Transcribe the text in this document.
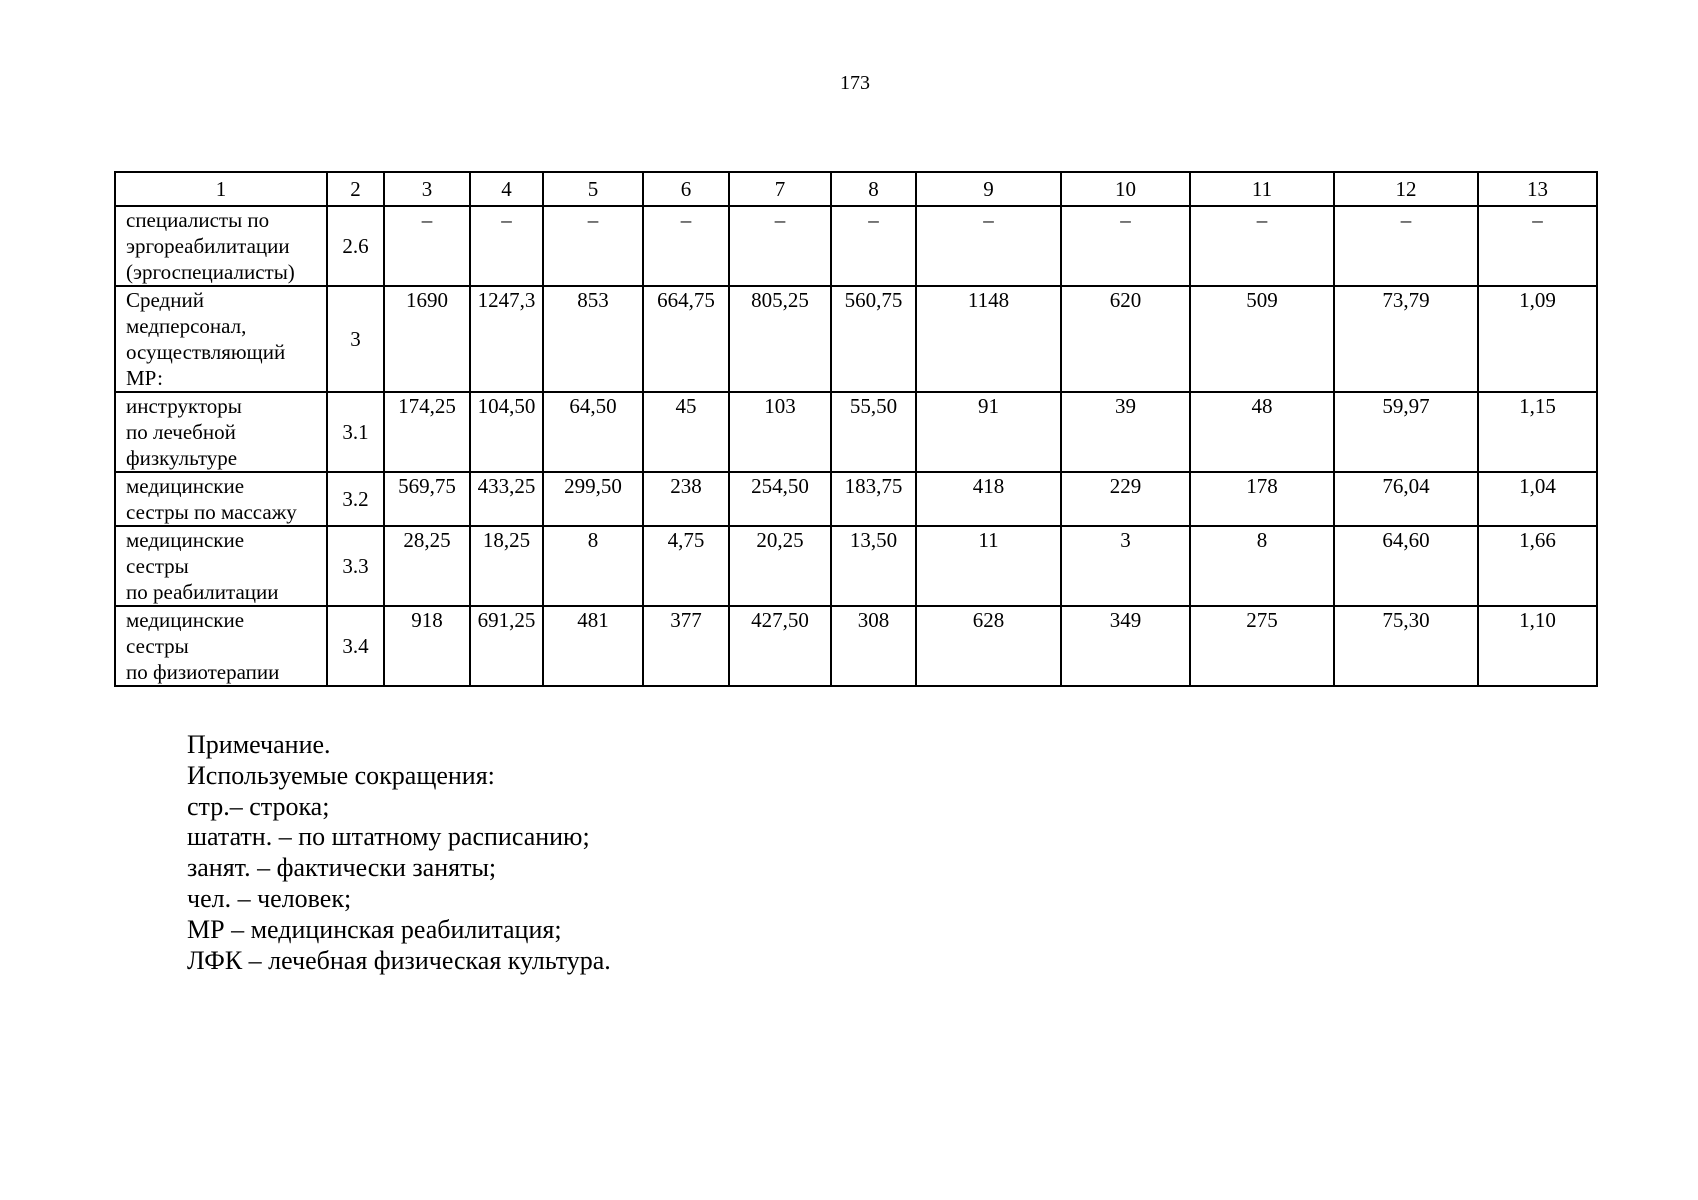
173
1	2	3	4	5	6	7	8	9	10	11	12	13

специалисты по
эргореабилитации
(эргоспециалисты)	2.6	–	–	–	–	–	–	–	–	–	–	–

Средний
медперсонал,
осуществляющий
МР:	3	1690	1247,3	853	664,75	805,25	560,75	1148	620	509	73,79	1,09

инструкторы
по лечебной
физкультуре	3.1	174,25	104,50	64,50	45	103	55,50	91	39	48	59,97	1,15

медицинские
сестры по массажу	3.2	569,75	433,25	299,50	238	254,50	183,75	418	229	178	76,04	1,04

медицинские
сестры
по реабилитации	3.3	28,25	18,25	8	4,75	20,25	13,50	11	3	8	64,60	1,66

медицинские
сестры
по физиотерапии	3.4	918	691,25	481	377	427,50	308	628	349	275	75,30	1,10
Примечание.
Используемые сокращения:
стр.– строка;
шататн. – по штатному расписанию;
занят. – фактически заняты;
чел. – человек;
МР – медицинская реабилитация;
ЛФК – лечебная физическая культура.
